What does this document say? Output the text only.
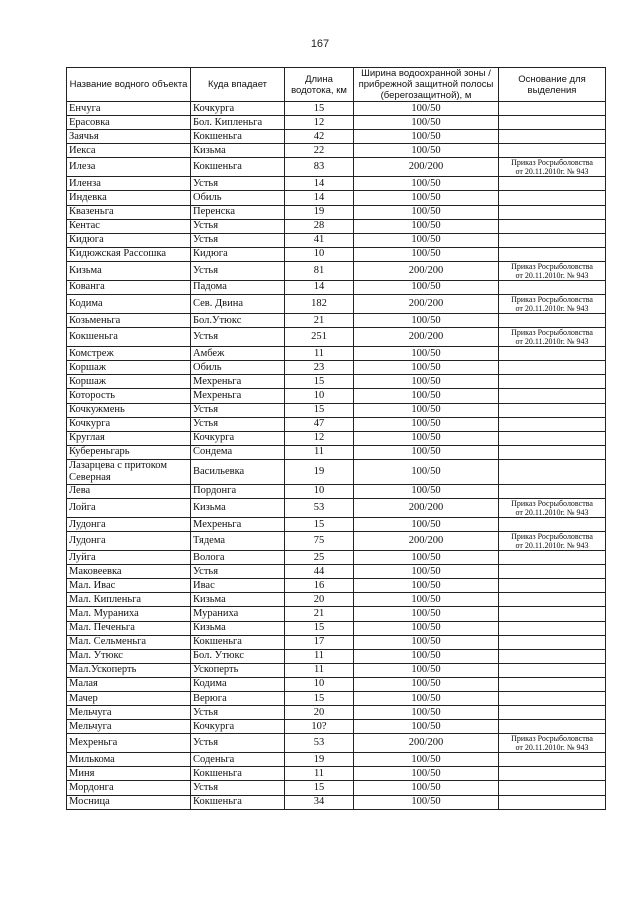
167
Название водного объекта	Куда впадает	Длина водотока, км	Ширина водоохранной зоны / прибрежной защитной полосы (берегозащитной), м	Основание для выделения
Енчуга	Кочкурга	15	100/50	
Ерасовка	Бол. Кипленьга	12	100/50	
Заячья	Кокшеньга	42	100/50	
Иекса	Кизьма	22	100/50	
Илеза	Кокшеньга	83	200/200	Приказ Росрыболовства
от 20.11.2010г. № 943

Иленза	Устья	14	100/50	
Индевка	Обиль	14	100/50	
Квазеньга	Перенска	19	100/50	
Кентас	Устья	28	100/50	
Кидюга	Устья	41	100/50	
Кидюжская Рассошка	Кидюга	10	100/50	
Кизьма	Устья	81	200/200	Приказ Росрыболовства
от 20.11.2010г. № 943

Кованга	Падома	14	100/50	
Кодима	Сев. Двина	182	200/200	Приказ Росрыболовства
от 20.11.2010г. № 943

Козьменьга	Бол.Утюкс	21	100/50	
Кокшеньга	Устья	251	200/200	Приказ Росрыболовства
от 20.11.2010г. № 943

Комстреж	Амбеж	11	100/50	
Коршаж	Обиль	23	100/50	
Коршаж	Мехреньга	15	100/50	
Которость	Мехреньга	10	100/50	
Кочкужмень	Устья	15	100/50	
Кочкурга	Устья	47	100/50	
Круглая	Кочкурга	12	100/50	
Кубереньгарь	Сондема	11	100/50	
Лазарцева с притоком Северная	Васильевка	19	100/50	
Лева	Пордонга	10	100/50	
Лойга	Кизьма	53	200/200	Приказ Росрыболовства
от 20.11.2010г. № 943

Лудонга	Мехреньга	15	100/50	
Лудонга	Тядема	75	200/200	Приказ Росрыболовства
от 20.11.2010г. № 943

Луйга	Волога	25	100/50	
Маковеевка	Устья	44	100/50	
Мал. Ивас	Ивас	16	100/50	
Мал. Кипленьга	Кизьма	20	100/50	
Мал. Мураниха	Мураниха	21	100/50	
Мал. Печеньга	Кизьма	15	100/50	
Мал. Сельменьга	Кокшеньга	17	100/50	
Мал. Утюкс	Бол. Утюкс	11	100/50	
Мал.Ускоперть	Ускоперть	11	100/50	
Малая	Кодима	10	100/50	
Мачер	Верюга	15	100/50	
Мельчуга	Устья	20	100/50	
Мельчуга	Кочкурга	10?	100/50	
Мехреньга	Устья	53	200/200	Приказ Росрыболовства
от 20.11.2010г. № 943

Милькома	Соденьга	19	100/50	
Миня	Кокшеньга	11	100/50	
Мордонга	Устья	15	100/50	
Мосница	Кокшеньга	34	100/50	
